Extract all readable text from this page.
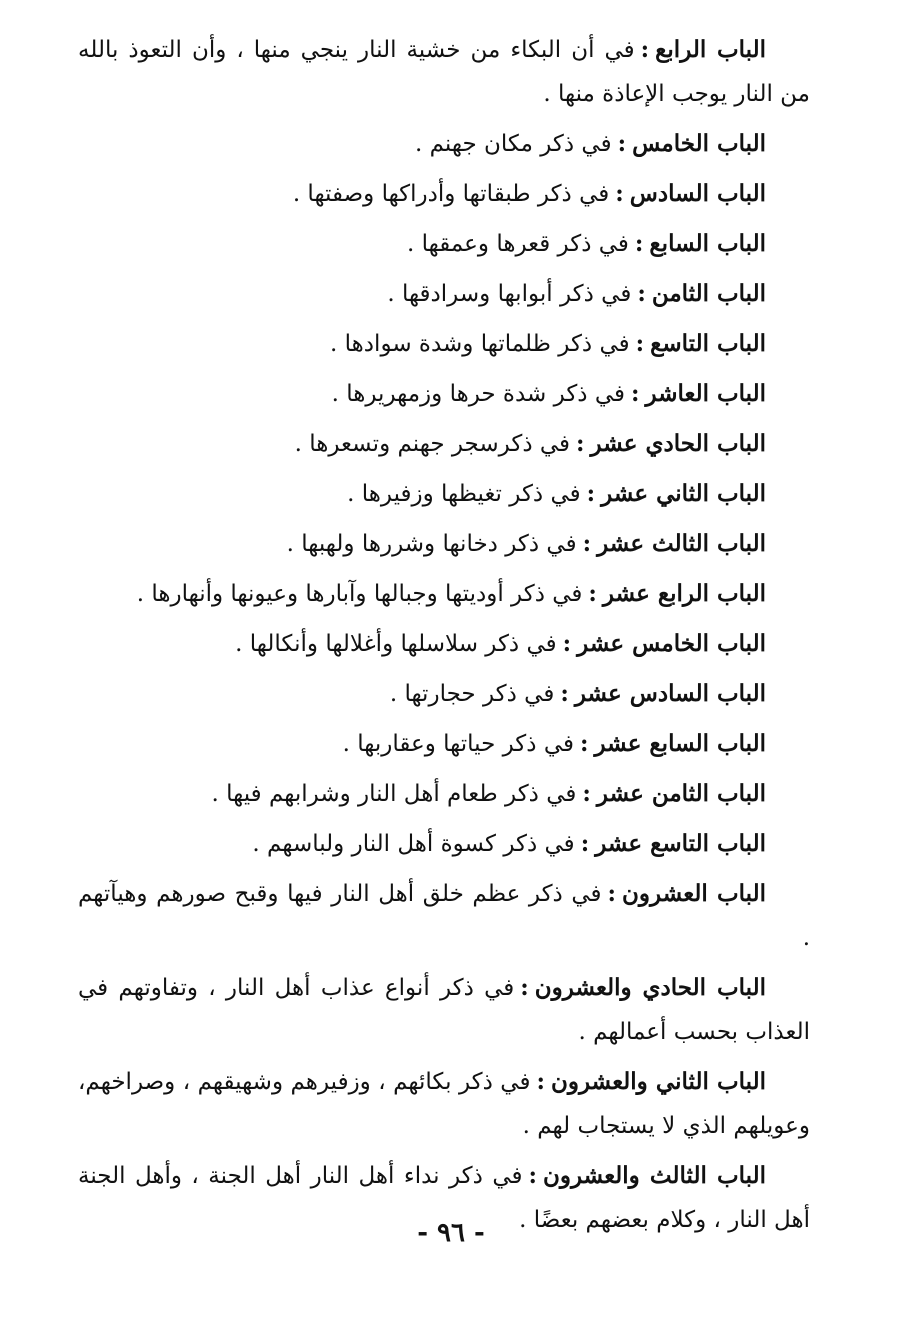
الباب الرابع:في أن البكاء من خشية النار ينجي منها ، وأن التعوذ بالله من النار يوجب الإعاذة منها .

الباب الخامس:في ذكر مكان جهنم .

الباب السادس:في ذكر طبقاتها وأدراكها وصفتها .

الباب السابع:في ذكر قعرها وعمقها .

الباب الثامن:في ذكر أبوابها وسرادقها .

الباب التاسع:في ذكر ظلماتها وشدة سوادها .

الباب العاشر:في ذكر شدة حرها وزمهريرها .

الباب الحادي عشر:في ذكرسجر جهنم وتسعرها .

الباب الثاني عشر:في ذكر تغيظها وزفيرها .

الباب الثالث عشر:في ذكر دخانها وشررها ولهبها .

الباب الرابع عشر:في ذكر أوديتها وجبالها وآبارها وعيونها وأنهارها .

الباب الخامس عشر:في ذكر سلاسلها وأغلالها وأنكالها .

الباب السادس عشر:في ذكر حجارتها .

الباب السابع عشر:في ذكر حياتها وعقاربها .

الباب الثامن عشر:في ذكر طعام أهل النار وشرابهم فيها .

الباب التاسع عشر:في ذكر كسوة أهل النار ولباسهم .

الباب العشرون:في ذكر عظم خلق أهل النار فيها وقبح صورهم وهيآتهم .

الباب الحادي والعشرون:في ذكر أنواع عذاب أهل النار ، وتفاوتهم في العذاب بحسب أعمالهم .

الباب الثاني والعشرون:في ذكر بكائهم ، وزفيرهم وشهيقهم ، وصراخهم، وعويلهم الذي لا يستجاب لهم .

الباب الثالث والعشرون:في ذكر نداء أهل النار أهل الجنة ، وأهل الجنة أهل النار ، وكلام بعضهم بعضًا .

- ٩٦ -
